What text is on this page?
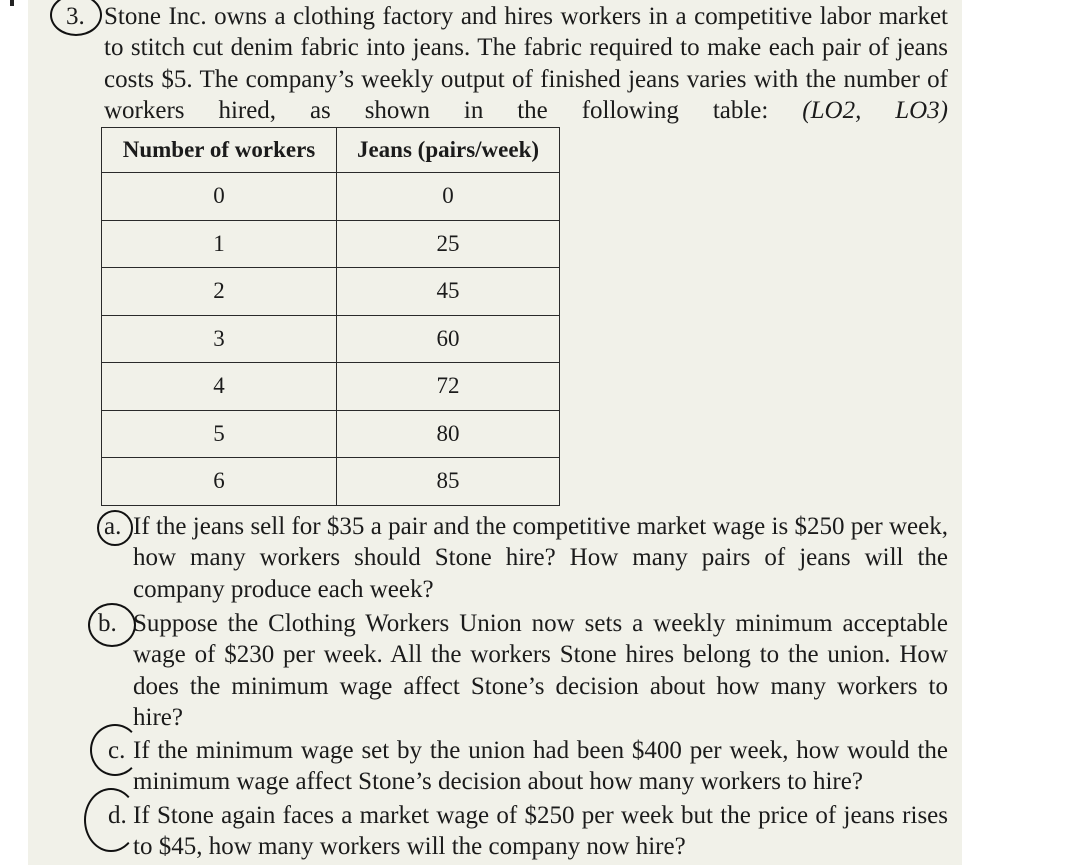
3. Stone Inc. owns a clothing factory and hires workers in a competitive labor market to stitch cut denim fabric into jeans. The fabric required to make each pair of jeans costs $5. The company’s weekly output of finished jeans varies with the number of workers hired, as shown in the following table: (LO2, LO3)
Number of workers	Jeans (pairs/week)
0	0
1	25
2	45
3	60
4	72
5	80
6	85
a. If the jeans sell for $35 a pair and the competitive market wage is $250 per week, how many workers should Stone hire? How many pairs of jeans will the company produce each week?
b. Suppose the Clothing Workers Union now sets a weekly minimum acceptable wage of $230 per week. All the workers Stone hires belong to the union. How does the minimum wage affect Stone’s decision about how many workers to hire?
c. If the minimum wage set by the union had been $400 per week, how would the minimum wage affect Stone’s decision about how many workers to hire?
d. If Stone again faces a market wage of $250 per week but the price of jeans rises to $45, how many workers will the company now hire?
